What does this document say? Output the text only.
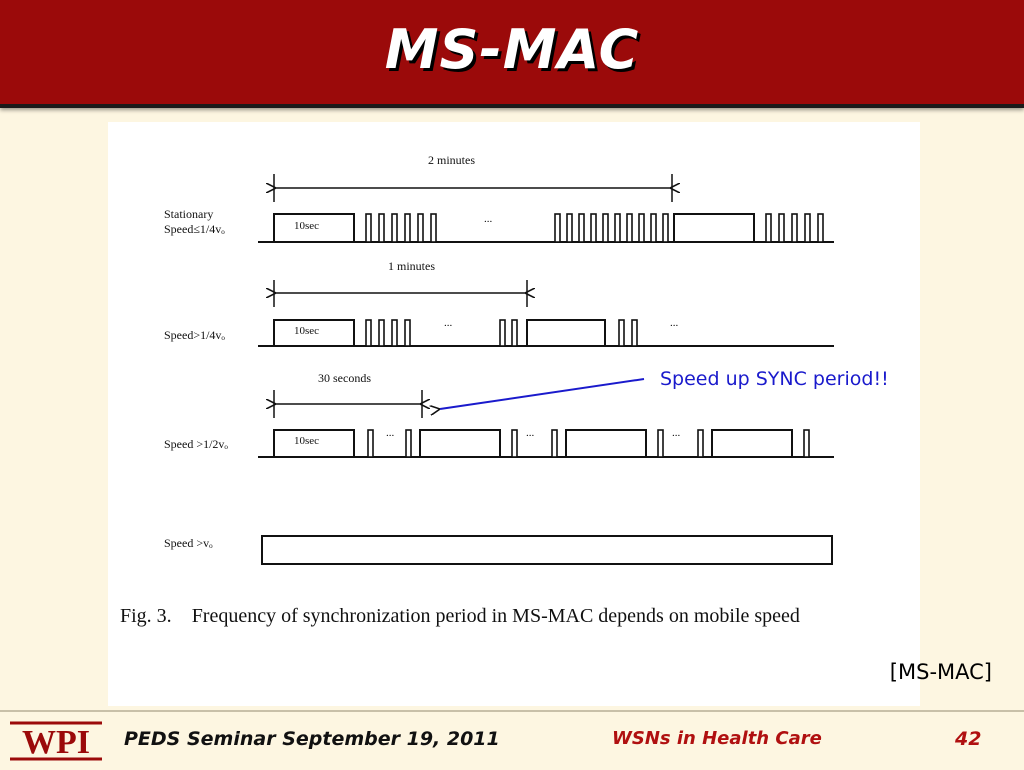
MS-MAC
Stationary
Speed≤1/4vₒ
Speed>1/4vₒ
Speed >1/2vₒ
Speed >vₒ
2 minutes
1 minutes
30 seconds
10sec
...
10sec
...	...
10sec
...	...	...
Fig. 3. Frequency of synchronization period in MS-MAC depends on mobile speed
Speed up SYNC period!!
[MS-MAC]
WPI PEDS Seminar September 19, 2011	WSNs in Health Care	42
